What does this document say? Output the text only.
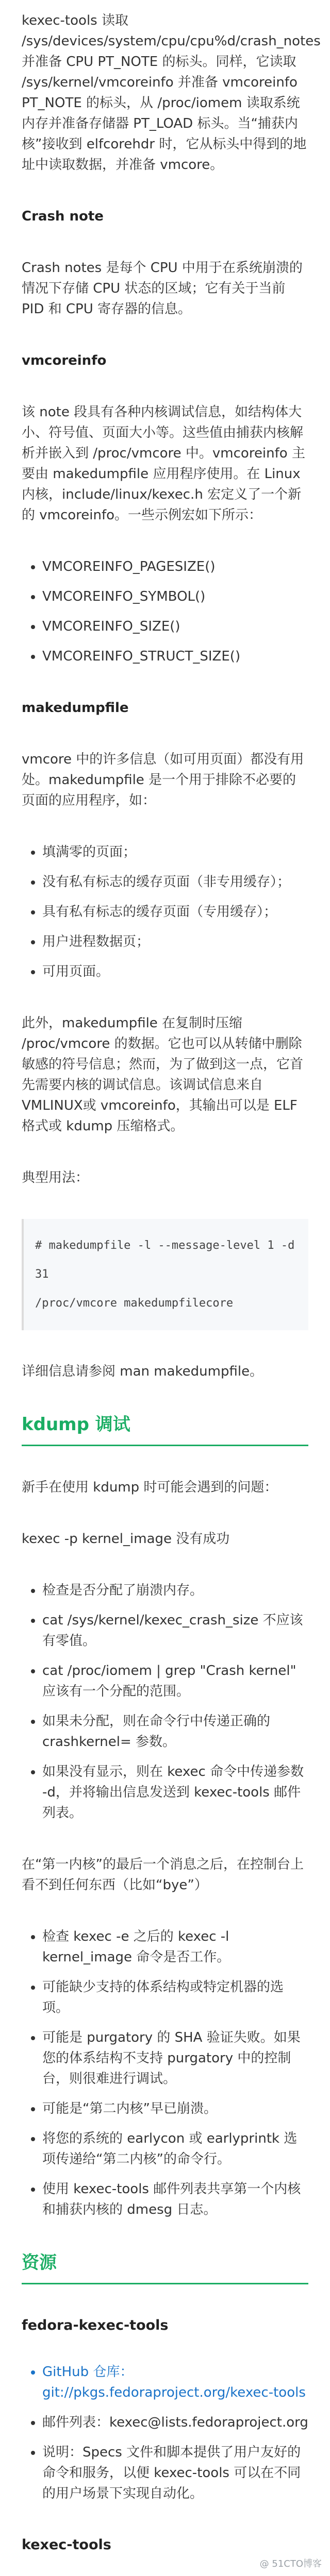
kexec-tools 读取 /sys/devices/system/cpu/cpu%d/crash_notes 并准备 CPU PT_NOTE 的标头。同样，它读取 /sys/kernel/vmcoreinfo 并准备 vmcoreinfo PT_NOTE 的标头，从 /proc/iomem 读取系统内存并准备存储器 PT_LOAD 标头。当“捕获内核”接收到 elfcorehdr 时，它从标头中得到的地址中读取数据，并准备 vmcore。
Crash note
Crash notes 是每个 CPU 中用于在系统崩溃的情况下存储 CPU 状态的区域；它有关于当前 PID 和 CPU 寄存器的信息。
vmcoreinfo
该 note 段具有各种内核调试信息，如结构体大小、符号值、页面大小等。这些值由捕获内核解析并嵌入到 /proc/vmcore 中。vmcoreinfo 主要由 makedumpfile 应用程序使用。在 Linux 内核，include/linux/kexec.h 宏定义了一个新的 vmcoreinfo。一些示例宏如下所示：
• VMCOREINFO_PAGESIZE()
• VMCOREINFO_SYMBOL()
• VMCOREINFO_SIZE()
• VMCOREINFO_STRUCT_SIZE()
makedumpfile
vmcore 中的许多信息（如可用页面）都没有用处。makedumpfile 是一个用于排除不必要的页面的应用程序，如：
• 填满零的页面；
• 没有私有标志的缓存页面（非专用缓存）；
• 具有私有标志的缓存页面（专用缓存）；
• 用户进程数据页；
• 可用页面。
此外，makedumpfile 在复制时压缩 /proc/vmcore 的数据。它也可以从转储中删除敏感的符号信息；然而，为了做到这一点，它首先需要内核的调试信息。该调试信息来自 VMLINUX或 vmcoreinfo，其输出可以是 ELF 格式或 kdump 压缩格式。
典型用法：
# makedumpfile -l --message-level 1 -d 31
/proc/vmcore makedumpfilecore
详细信息请参阅 man makedumpfile。
kdump 调试
新手在使用 kdump 时可能会遇到的问题：
kexec -p kernel_image 没有成功
• 检查是否分配了崩溃内存。
• cat /sys/kernel/kexec_crash_size 不应该有零值。
• cat /proc/iomem | grep "Crash kernel" 应该有一个分配的范围。
• 如果未分配，则在命令行中传递正确的 crashkernel= 参数。
• 如果没有显示，则在 kexec 命令中传递参数 -d，并将输出信息发送到 kexec-tools 邮件列表。
在“第一内核”的最后一个消息之后，在控制台上看不到任何东西（比如“bye”）
• 检查 kexec -e 之后的 kexec -l kernel_image 命令是否工作。
• 可能缺少支持的体系结构或特定机器的选项。
• 可能是 purgatory 的 SHA 验证失败。如果您的体系结构不支持 purgatory 中的控制台，则很难进行调试。
• 可能是“第二内核”早已崩溃。
• 将您的系统的 earlycon 或 earlyprintk 选项传递给“第二内核”的命令行。
• 使用 kexec-tools 邮件列表共享第一个内核和捕获内核的 dmesg 日志。
资源
fedora-kexec-tools
• GitHub 仓库：git://pkgs.fedoraproject.org/kexec-tools
• 邮件列表：kexec@lists.fedoraproject.org
• 说明：Specs 文件和脚本提供了用户友好的命令和服务，以便 kexec-tools 可以在不同的用户场景下实现自动化。
kexec-tools
@ 51CTO博客
